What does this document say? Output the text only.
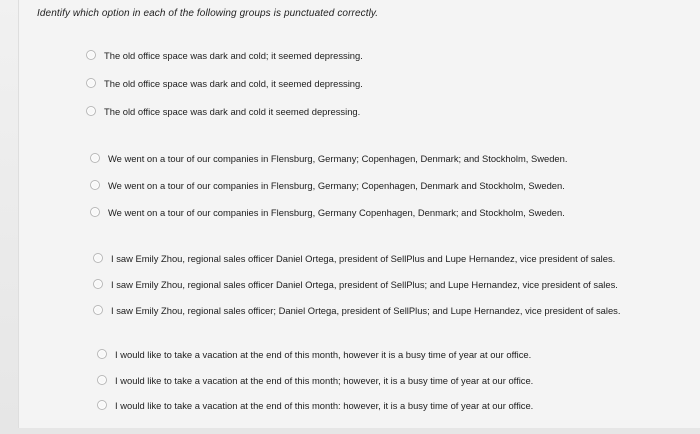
Identify which option in each of the following groups is punctuated correctly.
The old office space was dark and cold; it seemed depressing.
The old office space was dark and cold, it seemed depressing.
The old office space was dark and cold it seemed depressing.
We went on a tour of our companies in Flensburg, Germany; Copenhagen, Denmark; and Stockholm, Sweden.
We went on a tour of our companies in Flensburg, Germany; Copenhagen, Denmark and Stockholm, Sweden.
We went on a tour of our companies in Flensburg, Germany Copenhagen, Denmark; and Stockholm, Sweden.
I saw Emily Zhou, regional sales officer Daniel Ortega, president of SellPlus and Lupe Hernandez, vice president of sales.
I saw Emily Zhou, regional sales officer Daniel Ortega, president of SellPlus; and Lupe Hernandez, vice president of sales.
I saw Emily Zhou, regional sales officer; Daniel Ortega, president of SellPlus; and Lupe Hernandez, vice president of sales.
I would like to take a vacation at the end of this month, however it is a busy time of year at our office.
I would like to take a vacation at the end of this month; however, it is a busy time of year at our office.
I would like to take a vacation at the end of this month: however, it is a busy time of year at our office.
